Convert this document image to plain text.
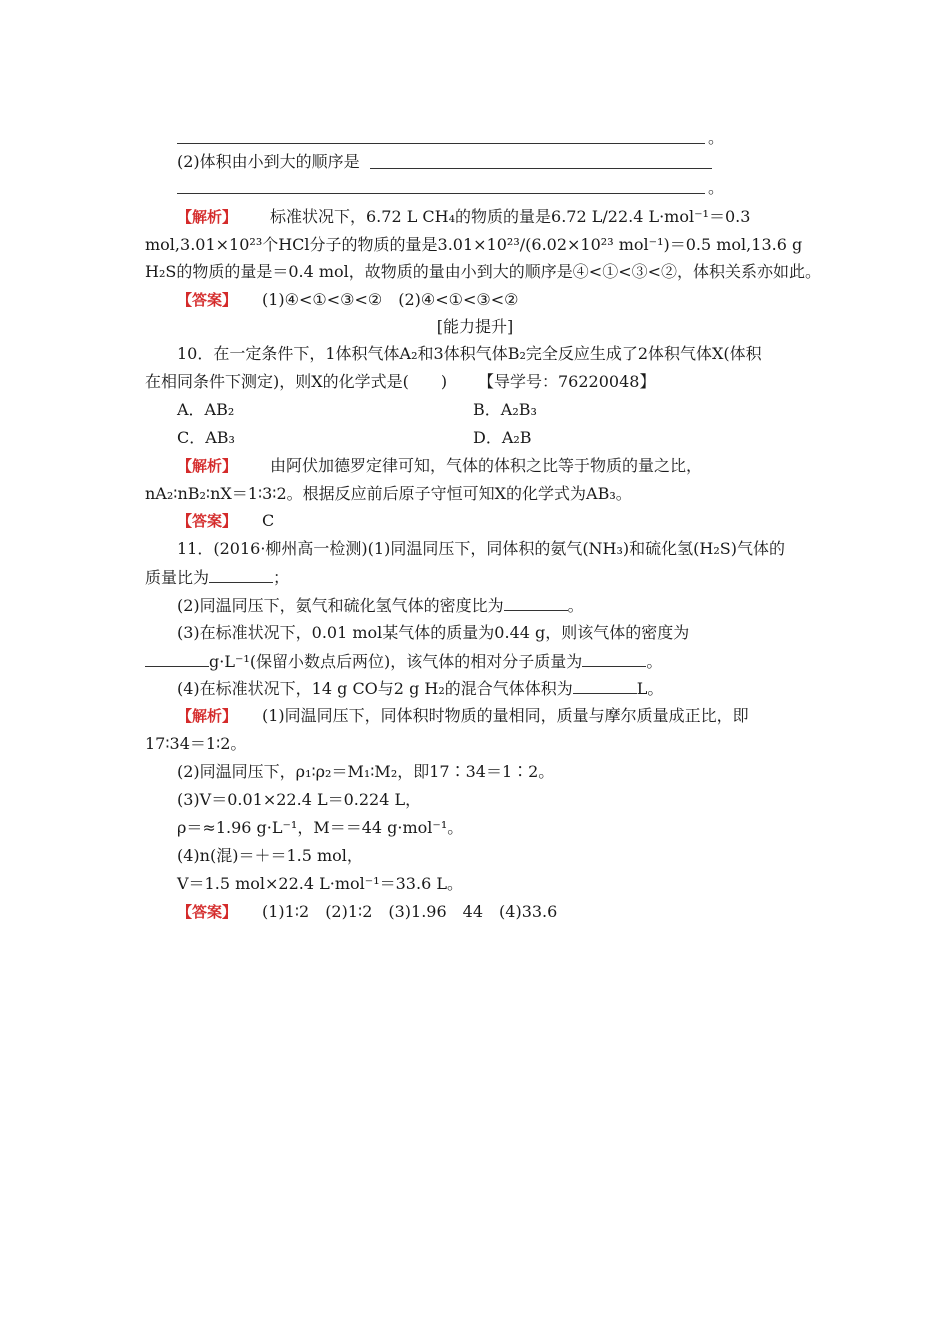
。
(2)体积由小到大的顺序是
。
【解析】 标准状况下，6.72 L CH₄的物质的量是6.72 L/22.4 L·mol⁻¹＝0.3
mol,3.01×10²³个HCl分子的物质的量是3.01×10²³/(6.02×10²³ mol⁻¹)＝0.5 mol,13.6 g
H₂S的物质的量是＝0.4 mol，故物质的量由小到大的顺序是④<①<③<②，体积关系亦如此。
【答案】 (1)④<①<③<②　(2)④<①<③<②
[能力提升]
10．在一定条件下，1体积气体A₂和3体积气体B₂完全反应生成了2体积气体X(体积
在相同条件下测定)，则X的化学式是(　　) 【导学号：76220048】
A．AB₂	B．A₂B₃
C．AB₃	D．A₂B
【解析】 由阿伏加德罗定律可知，气体的体积之比等于物质的量之比，
nA₂∶nB₂∶nX＝1∶3∶2。根据反应前后原子守恒可知X的化学式为AB₃。
【答案】 C
11．(2016·柳州高一检测)(1)同温同压下，同体积的氨气(NH₃)和硫化氢(H₂S)气体的
质量比为	；
(2)同温同压下，氨气和硫化氢气体的密度比为	。
(3)在标准状况下，0.01 mol某气体的质量为0.44 g，则该气体的密度为
g·L⁻¹(保留小数点后两位)，该气体的相对分子质量为	。
(4)在标准状况下，14 g CO与2 g H₂的混合气体体积为	L。
【解析】 (1)同温同压下，同体积时物质的量相同，质量与摩尔质量成正比，即
17∶34＝1∶2。
(2)同温同压下，ρ₁∶ρ₂＝M₁∶M₂，即17∶34＝1∶2。
(3)V＝0.01×22.4 L＝0.224 L，
ρ＝≈1.96 g·L⁻¹，M＝＝44 g·mol⁻¹。
(4)n(混)＝＋＝1.5 mol，
V＝1.5 mol×22.4 L·mol⁻¹＝33.6 L。
【答案】 (1)1∶2　(2)1∶2　(3)1.96　44　(4)33.6
